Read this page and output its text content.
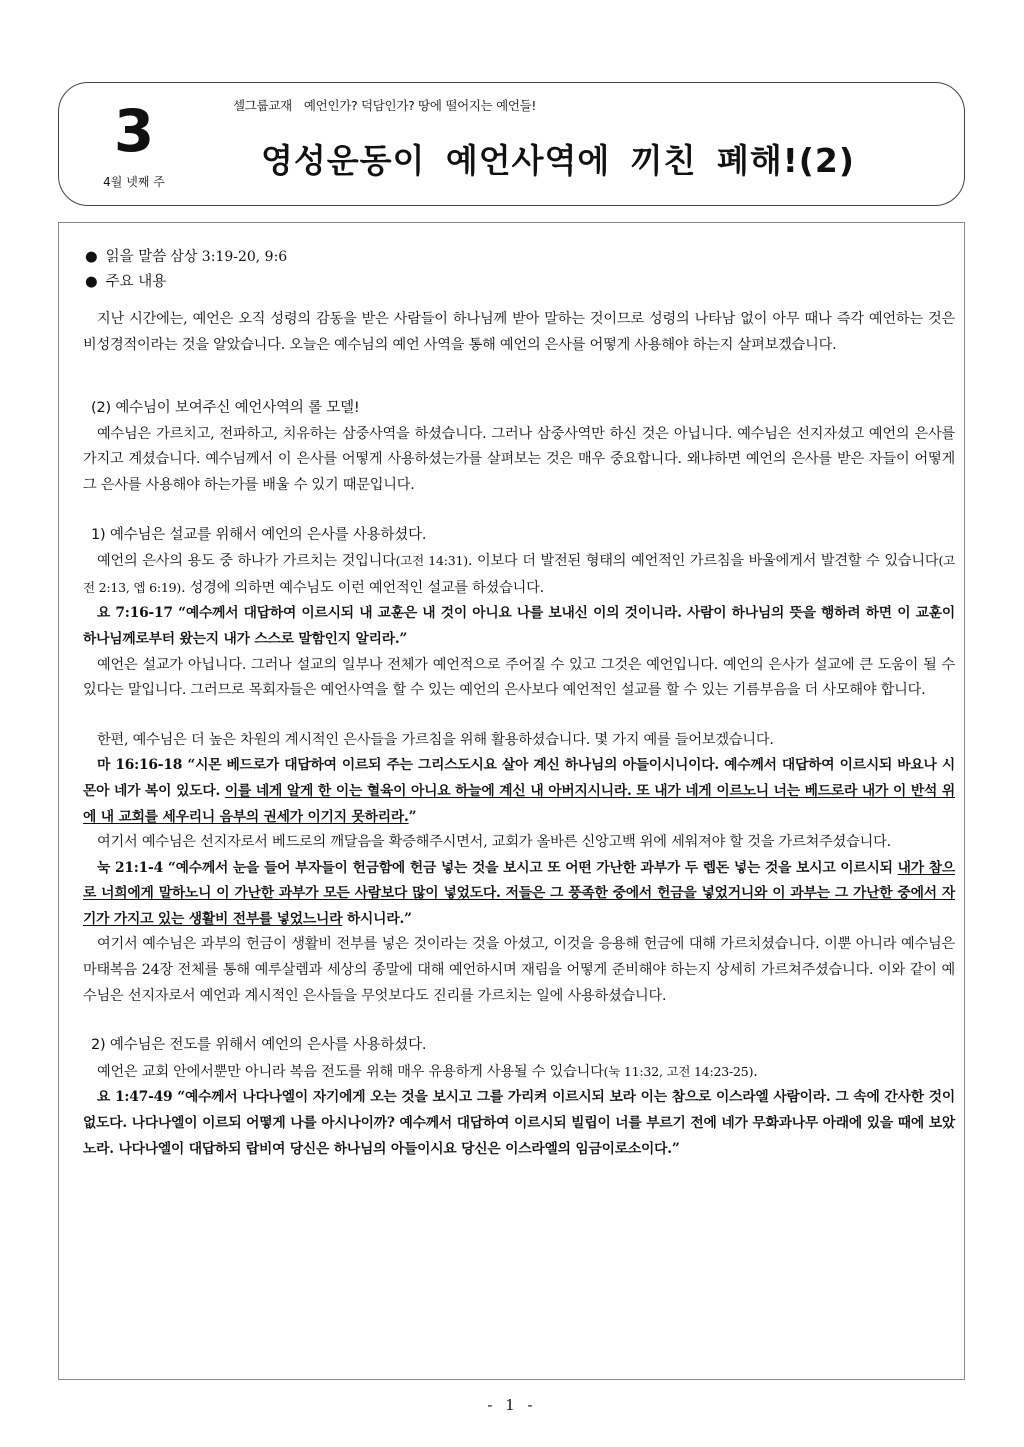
3
4월 넷째 주
셀그룹교재 예언인가? 덕담인가? 땅에 떨어지는 예언들!
영성운동이 예언사역에 끼친 폐해!(2)
● 읽을 말씀 삼상 3:19-20, 9:6
● 주요 내용

지난 시간에는, 예언은 오직 성령의 감동을 받은 사람들이 하나님께 받아 말하는 것이므로 성령의 나타남 없이 아무 때나 즉각 예언하는 것은 비성경적이라는 것을 알았습니다. 오늘은 예수님의 예언 사역을 통해 예언의 은사를 어떻게 사용해야 하는지 살펴보겠습니다.

(2) 예수님이 보여주신 예언사역의 롤 모델!

예수님은 가르치고, 전파하고, 치유하는 삼중사역을 하셨습니다. 그러나 삼중사역만 하신 것은 아닙니다. 예수님은 선지자셨고 예언의 은사를 가지고 계셨습니다. 예수님께서 이 은사를 어떻게 사용하셨는가를 살펴보는 것은 매우 중요합니다. 왜냐하면 예언의 은사를 받은 자들이 어떻게 그 은사를 사용해야 하는가를 배울 수 있기 때문입니다.

1) 예수님은 설교를 위해서 예언의 은사를 사용하셨다.

예언의 은사의 용도 중 하나가 가르치는 것입니다(고전 14:31). 이보다 더 발전된 형태의 예언적인 가르침을 바울에게서 발견할 수 있습니다(고전 2:13, 엡 6:19). 성경에 의하면 예수님도 이런 예언적인 설교를 하셨습니다.

요 7:16-17 “예수께서 대답하여 이르시되 내 교훈은 내 것이 아니요 나를 보내신 이의 것이니라. 사람이 하나님의 뜻을 행하려 하면 이 교훈이 하나님께로부터 왔는지 내가 스스로 말함인지 알리라.”

예언은 설교가 아닙니다. 그러나 설교의 일부나 전체가 예언적으로 주어질 수 있고 그것은 예언입니다. 예언의 은사가 설교에 큰 도움이 될 수 있다는 말입니다. 그러므로 목회자들은 예언사역을 할 수 있는 예언의 은사보다 예언적인 설교를 할 수 있는 기름부음을 더 사모해야 합니다.

한편, 예수님은 더 높은 차원의 계시적인 은사들을 가르침을 위해 활용하셨습니다. 몇 가지 예를 들어보겠습니다.

마 16:16-18 “시몬 베드로가 대답하여 이르되 주는 그리스도시요 살아 계신 하나님의 아들이시니이다. 예수께서 대답하여 이르시되 바요나 시몬아 네가 복이 있도다. 이를 네게 알게 한 이는 혈육이 아니요 하늘에 계신 내 아버지시니라. 또 내가 네게 이르노니 너는 베드로라 내가 이 반석 위에 내 교회를 세우리니 음부의 권세가 이기지 못하리라.”

여기서 예수님은 선지자로서 베드로의 깨달음을 확증해주시면서, 교회가 올바른 신앙고백 위에 세워져야 할 것을 가르쳐주셨습니다.

눅 21:1-4 “예수께서 눈을 들어 부자들이 헌금함에 헌금 넣는 것을 보시고 또 어떤 가난한 과부가 두 렙돈 넣는 것을 보시고 이르시되 내가 참으로 너희에게 말하노니 이 가난한 과부가 모든 사람보다 많이 넣었도다. 저들은 그 풍족한 중에서 헌금을 넣었거니와 이 과부는 그 가난한 중에서 자기가 가지고 있는 생활비 전부를 넣었느니라 하시니라.”

여기서 예수님은 과부의 헌금이 생활비 전부를 넣은 것이라는 것을 아셨고, 이것을 응용해 헌금에 대해 가르치셨습니다. 이뿐 아니라 예수님은 마태복음 24장 전체를 통해 예루살렘과 세상의 종말에 대해 예언하시며 재림을 어떻게 준비해야 하는지 상세히 가르쳐주셨습니다. 이와 같이 예수님은 선지자로서 예언과 계시적인 은사들을 무엇보다도 진리를 가르치는 일에 사용하셨습니다.

2) 예수님은 전도를 위해서 예언의 은사를 사용하셨다.

예언은 교회 안에서뿐만 아니라 복음 전도를 위해 매우 유용하게 사용될 수 있습니다(눅 11:32, 고전 14:23-25).

요 1:47-49 “예수께서 나다나엘이 자기에게 오는 것을 보시고 그를 가리켜 이르시되 보라 이는 참으로 이스라엘 사람이라. 그 속에 간사한 것이 없도다. 나다나엘이 이르되 어떻게 나를 아시나이까? 예수께서 대답하여 이르시되 빌립이 너를 부르기 전에 네가 무화과나무 아래에 있을 때에 보았노라. 나다나엘이 대답하되 랍비여 당신은 하나님의 아들이시요 당신은 이스라엘의 임금이로소이다.”

- 1 -
